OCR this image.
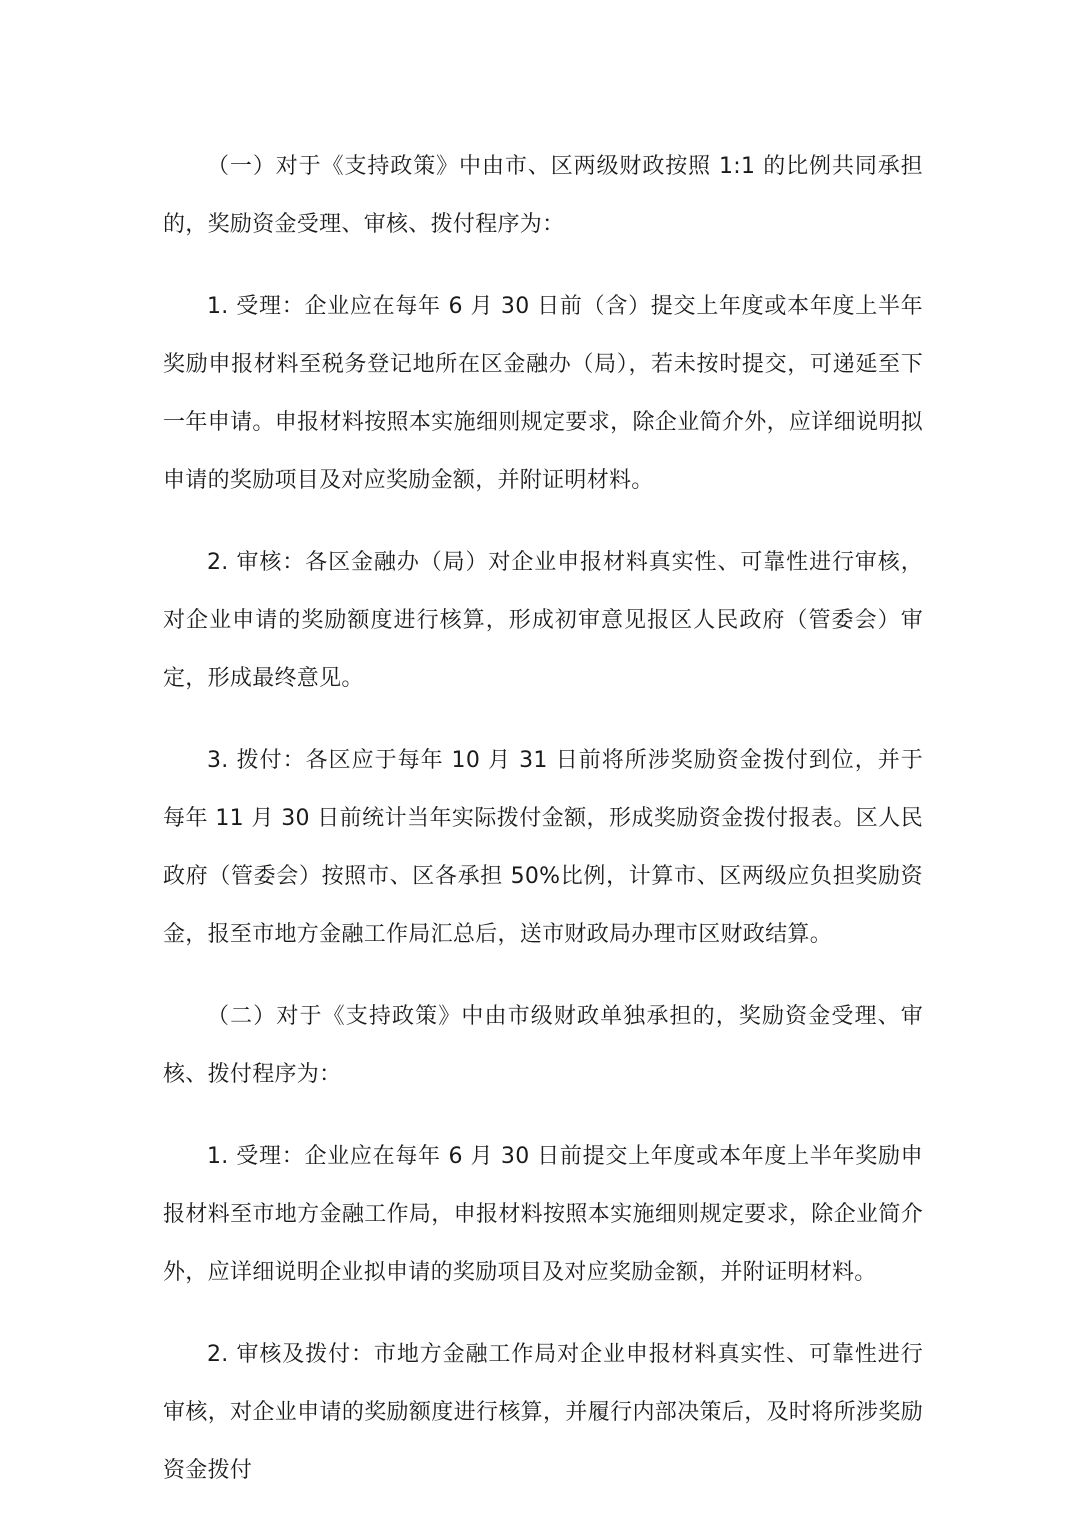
（一）对于《支持政策》中由市、区两级财政按照 1:1 的比例共同承担的，奖励资金受理、审核、拨付程序为：

1. 受理：企业应在每年 6 月 30 日前（含）提交上年度或本年度上半年奖励申报材料至税务登记地所在区金融办（局），若未按时提交，可递延至下一年申请。申报材料按照本实施细则规定要求，除企业简介外，应详细说明拟申请的奖励项目及对应奖励金额，并附证明材料。

2. 审核：各区金融办（局）对企业申报材料真实性、可靠性进行审核，对企业申请的奖励额度进行核算，形成初审意见报区人民政府（管委会）审定，形成最终意见。

3. 拨付：各区应于每年 10 月 31 日前将所涉奖励资金拨付到位，并于每年 11 月 30 日前统计当年实际拨付金额，形成奖励资金拨付报表。区人民政府（管委会）按照市、区各承担 50%比例，计算市、区两级应负担奖励资金，报至市地方金融工作局汇总后，送市财政局办理市区财政结算。

（二）对于《支持政策》中由市级财政单独承担的，奖励资金受理、审核、拨付程序为：

1. 受理：企业应在每年 6 月 30 日前提交上年度或本年度上半年奖励申报材料至市地方金融工作局，申报材料按照本实施细则规定要求，除企业简介外，应详细说明企业拟申请的奖励项目及对应奖励金额，并附证明材料。

2. 审核及拨付：市地方金融工作局对企业申报材料真实性、可靠性进行审核，对企业申请的奖励额度进行核算，并履行内部决策后，及时将所涉奖励资金拨付
